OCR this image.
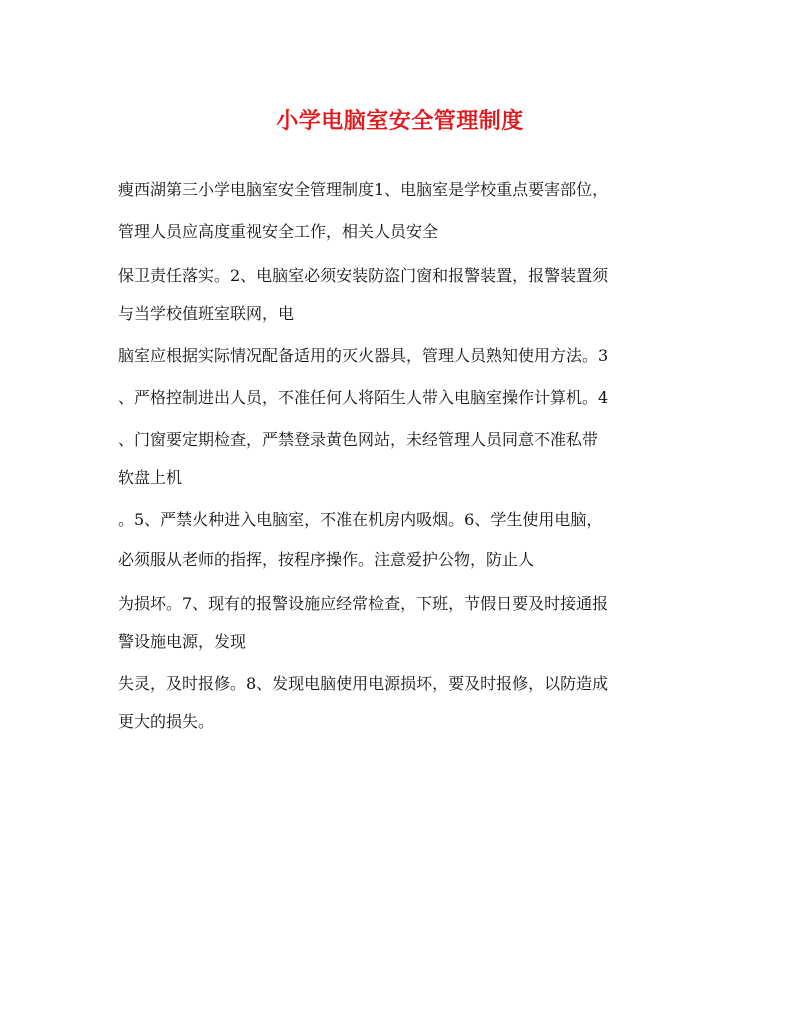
小学电脑室安全管理制度
瘦西湖第三小学电脑室安全管理制度1、电脑室是学校重点要害部位，
管理人员应高度重视安全工作，相关人员安全
保卫责任落实。2、电脑室必须安装防盗门窗和报警装置，报警装置须
与当学校值班室联网，电
脑室应根据实际情况配备适用的灭火器具，管理人员熟知使用方法。3
、严格控制进出人员，不准任何人将陌生人带入电脑室操作计算机。4
、门窗要定期检查，严禁登录黄色网站，未经管理人员同意不准私带
软盘上机
。5、严禁火种进入电脑室，不准在机房内吸烟。6、学生使用电脑，
必须服从老师的指挥，按程序操作。注意爱护公物，防止人
为损坏。7、现有的报警设施应经常检查，下班，节假日要及时接通报
警设施电源，发现
失灵，及时报修。8、发现电脑使用电源损坏，要及时报修，以防造成
更大的损失。
